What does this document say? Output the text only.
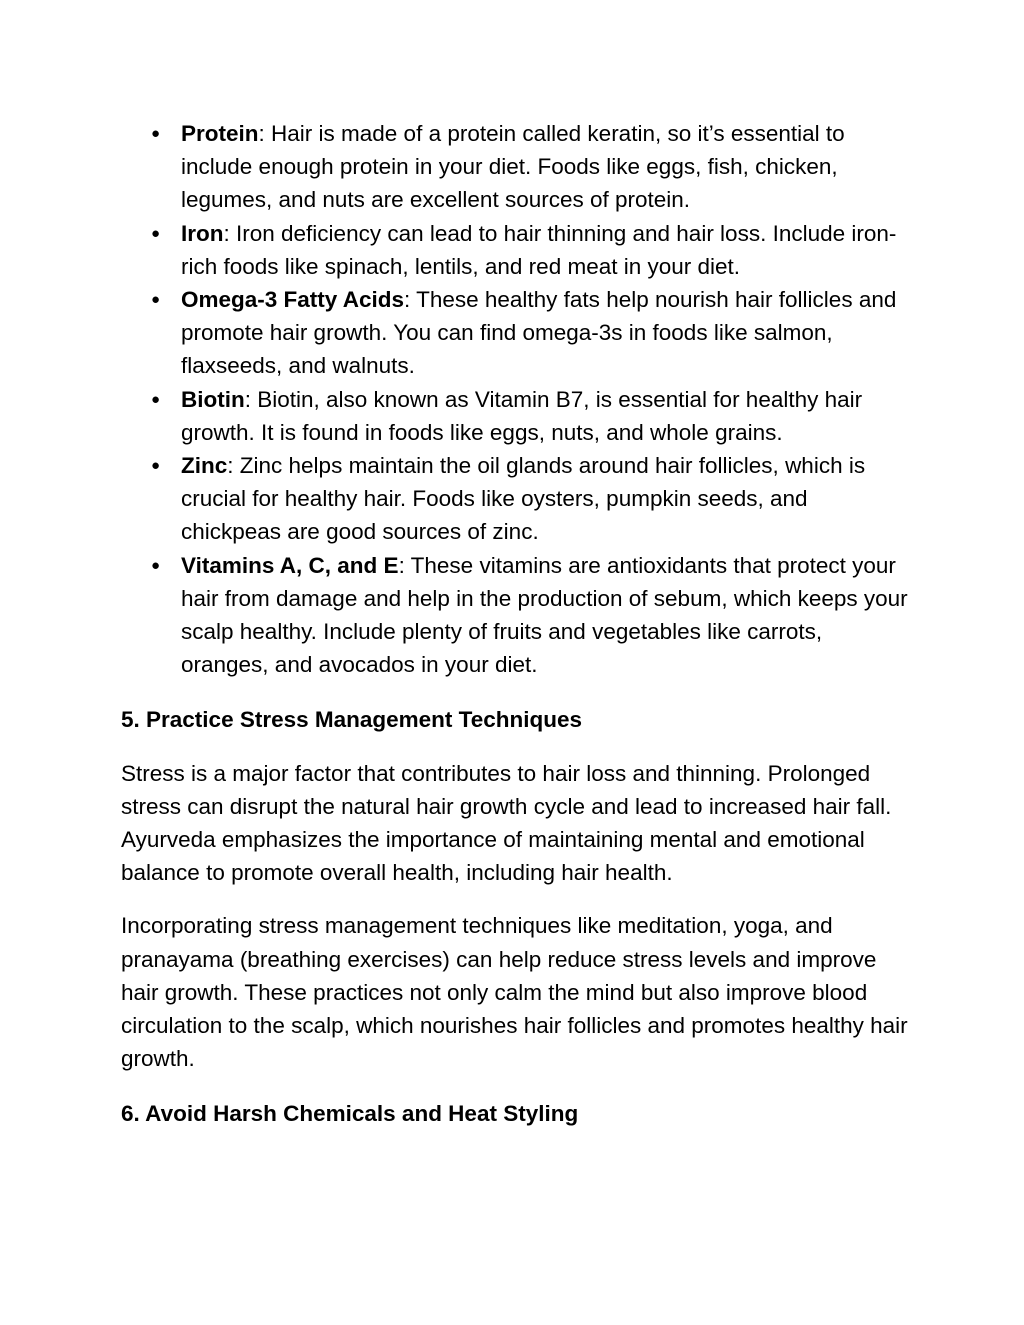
● Protein: Hair is made of a protein called keratin, so it’s essential to include enough protein in your diet. Foods like eggs, fish, chicken, legumes, and nuts are excellent sources of protein.
● Iron: Iron deficiency can lead to hair thinning and hair loss. Include iron-rich foods like spinach, lentils, and red meat in your diet.
● Omega-3 Fatty Acids: These healthy fats help nourish hair follicles and promote hair growth. You can find omega-3s in foods like salmon, flaxseeds, and walnuts.
● Biotin: Biotin, also known as Vitamin B7, is essential for healthy hair growth. It is found in foods like eggs, nuts, and whole grains.
● Zinc: Zinc helps maintain the oil glands around hair follicles, which is crucial for healthy hair. Foods like oysters, pumpkin seeds, and chickpeas are good sources of zinc.
● Vitamins A, C, and E: These vitamins are antioxidants that protect your hair from damage and help in the production of sebum, which keeps your scalp healthy. Include plenty of fruits and vegetables like carrots, oranges, and avocados in your diet.
5. Practice Stress Management Techniques

Stress is a major factor that contributes to hair loss and thinning. Prolonged stress can disrupt the natural hair growth cycle and lead to increased hair fall. Ayurveda emphasizes the importance of maintaining mental and emotional balance to promote overall health, including hair health.

Incorporating stress management techniques like meditation, yoga, and pranayama (breathing exercises) can help reduce stress levels and improve hair growth. These practices not only calm the mind but also improve blood circulation to the scalp, which nourishes hair follicles and promotes healthy hair growth.

6. Avoid Harsh Chemicals and Heat Styling
